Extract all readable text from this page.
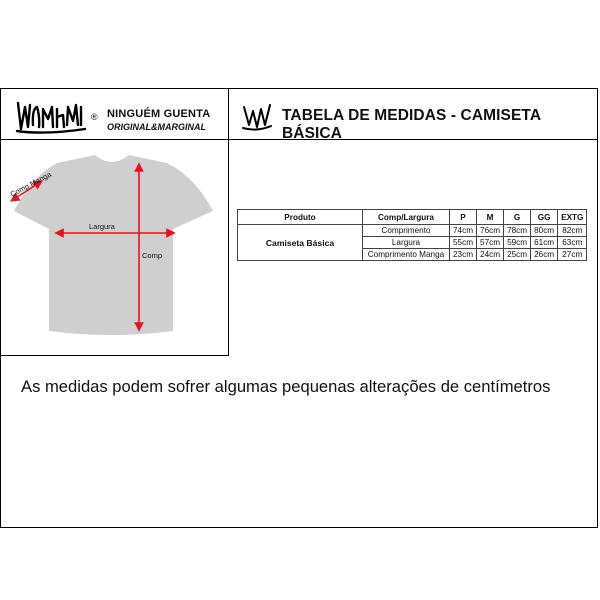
® NINGUÉM GUENTA
ORIGINAL&MARGINAL
TABELA DE MEDIDAS - CAMISETA BÁSICA
Comp Manga
Largura
Comp
Produto	Comp/Largura	P	M	G	GG	EXTG
Camiseta Básica	Comprimento	74cm	76cm	78cm	80cm	82cm
	Largura	55cm	57cm	59cm	61cm	63cm
	Comprimento Manga	23cm	24cm	25cm	26cm	27cm
As medidas podem sofrer algumas pequenas alterações de centímetros
